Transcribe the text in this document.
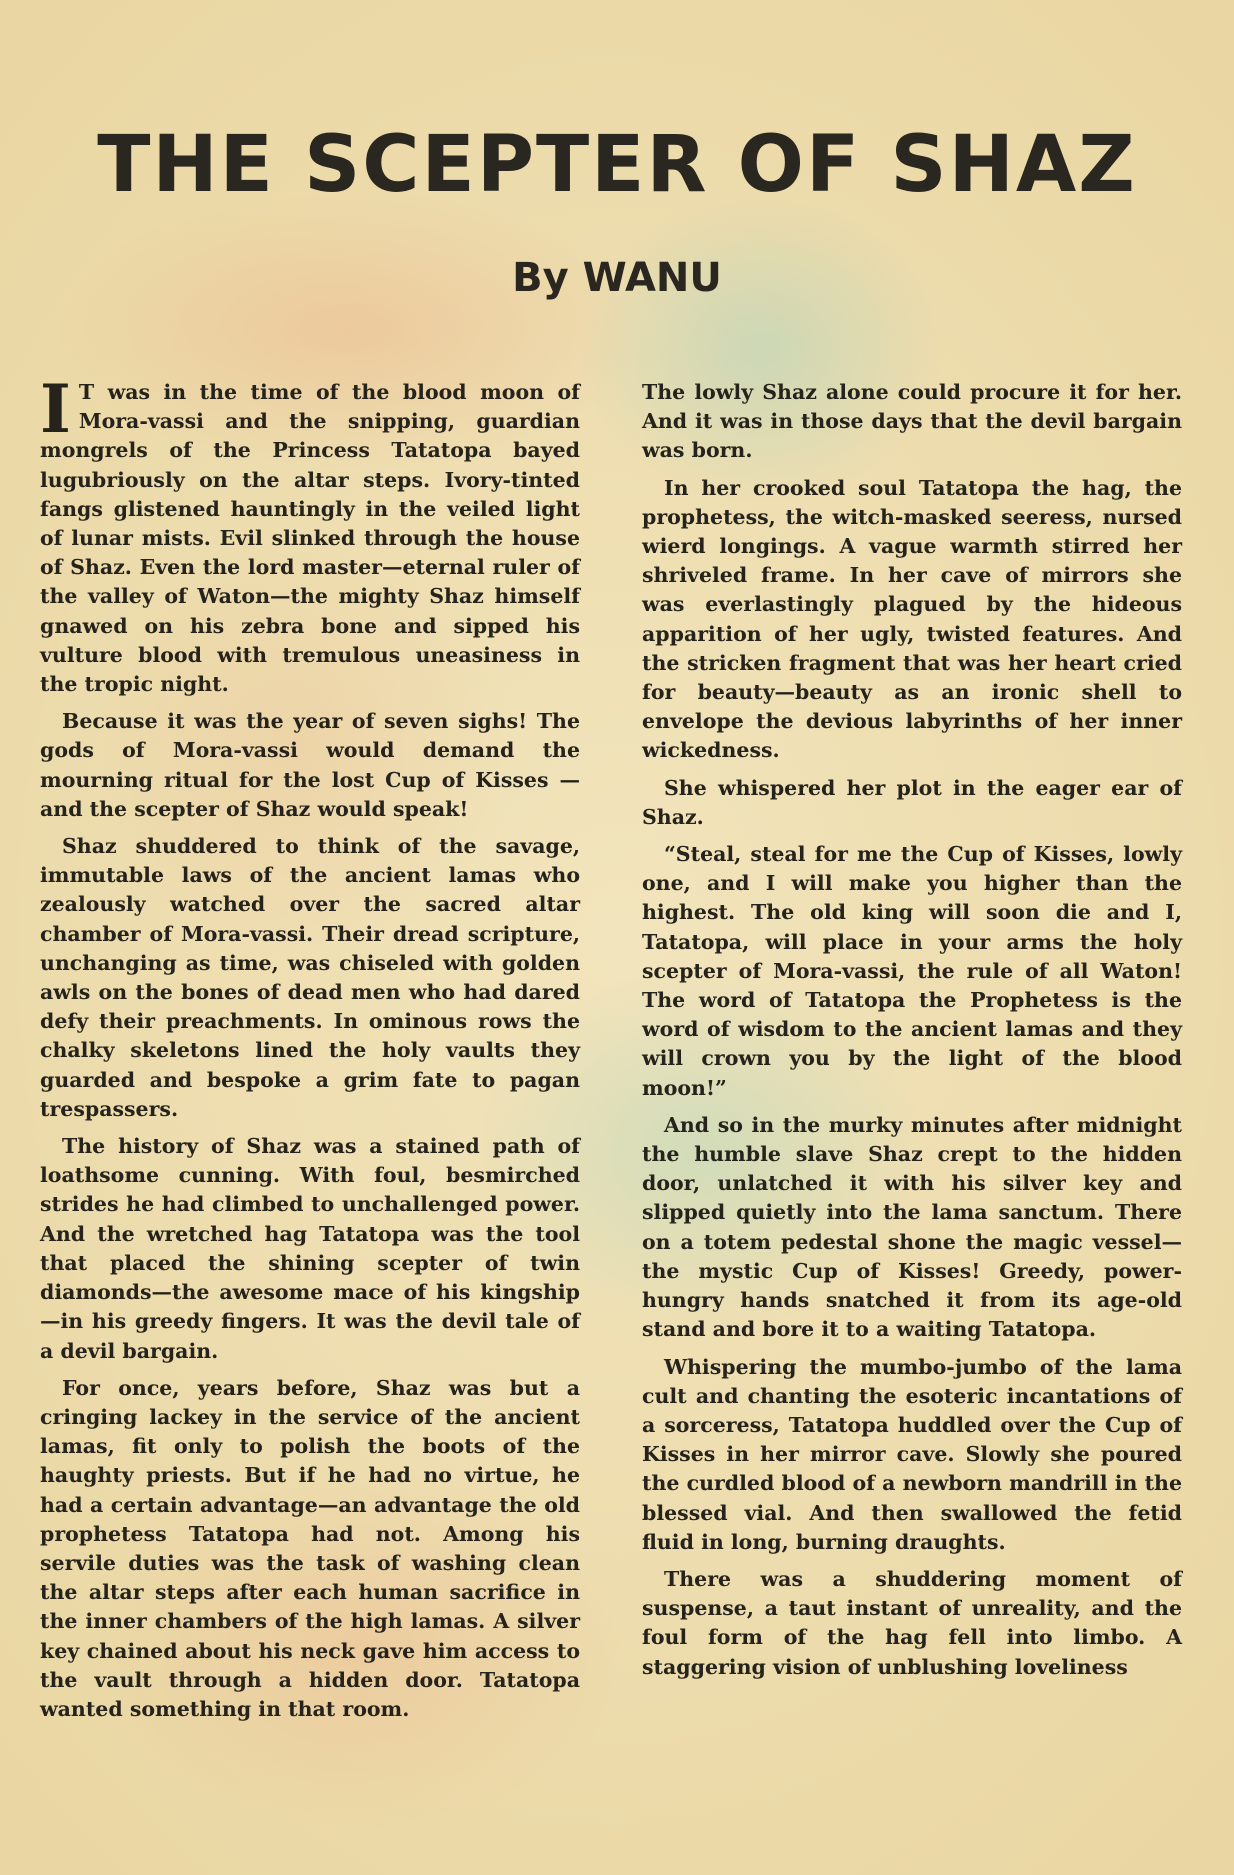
THE SCEPTER OF SHAZ
By WANU

I T was in the time of the blood moon of Mora-vassi and the snipping, guardian mongrels of the Princess Tatatopa bayed lugubriously on the altar steps. Ivory-tinted fangs glistened hauntingly in the veiled light of lunar mists. Evil slinked through the house of Shaz. Even the lord master—eternal ruler of the valley of Waton—the mighty Shaz himself gnawed on his zebra bone and sipped his vulture blood with tremulous uneasiness in the tropic night.

Because it was the year of seven sighs! The gods of Mora-vassi would demand the mourning ritual for the lost Cup of Kisses —and the scepter of Shaz would speak!

Shaz shuddered to think of the savage, immutable laws of the ancient lamas who zealously watched over the sacred altar chamber of Mora-vassi. Their dread scripture, unchanging as time, was chiseled with golden awls on the bones of dead men who had dared defy their preachments. In ominous rows the chalky skeletons lined the holy vaults they guarded and bespoke a grim fate to pagan trespassers.

The history of Shaz was a stained path of loathsome cunning. With foul, besmirched strides he had climbed to unchallenged power. And the wretched hag Tatatopa was the tool that placed the shining scepter of twin diamonds—the awesome mace of his kingship—in his greedy fingers. It was the devil tale of a devil bargain.

For once, years before, Shaz was but a cringing lackey in the service of the ancient lamas, fit only to polish the boots of the haughty priests. But if he had no virtue, he had a certain advantage—an advantage the old prophetess Tatatopa had not. Among his servile duties was the task of washing clean the altar steps after each human sacrifice in the inner chambers of the high lamas. A silver key chained about his neck gave him access to the vault through a hidden door. Tatatopa wanted something in that room.

The lowly Shaz alone could procure it for her. And it was in those days that the devil bargain was born.

In her crooked soul Tatatopa the hag, the prophetess, the witch-masked seeress, nursed wierd longings. A vague warmth stirred her shriveled frame. In her cave of mirrors she was everlastingly plagued by the hideous apparition of her ugly, twisted features. And the stricken fragment that was her heart cried for beauty—beauty as an ironic shell to envelope the devious labyrinths of her inner wickedness.

She whispered her plot in the eager ear of Shaz.

“Steal, steal for me the Cup of Kisses, lowly one, and I will make you higher than the highest. The old king will soon die and I, Tatatopa, will place in your arms the holy scepter of Mora-vassi, the rule of all Waton! The word of Tatatopa the Prophetess is the word of wisdom to the ancient lamas and they will crown you by the light of the blood moon!”

And so in the murky minutes after midnight the humble slave Shaz crept to the hidden door, unlatched it with his silver key and slipped quietly into the lama sanctum. There on a totem pedestal shone the magic vessel—the mystic Cup of Kisses! Greedy, power-hungry hands snatched it from its age-old stand and bore it to a waiting Tatatopa.

Whispering the mumbo-jumbo of the lama cult and chanting the esoteric incantations of a sorceress, Tatatopa huddled over the Cup of Kisses in her mirror cave. Slowly she poured the curdled blood of a newborn mandrill in the blessed vial. And then swallowed the fetid fluid in long, burning draughts.

There was a shuddering moment of suspense, a taut instant of unreality, and the foul form of the hag fell into limbo. A staggering vision of unblushing loveliness
